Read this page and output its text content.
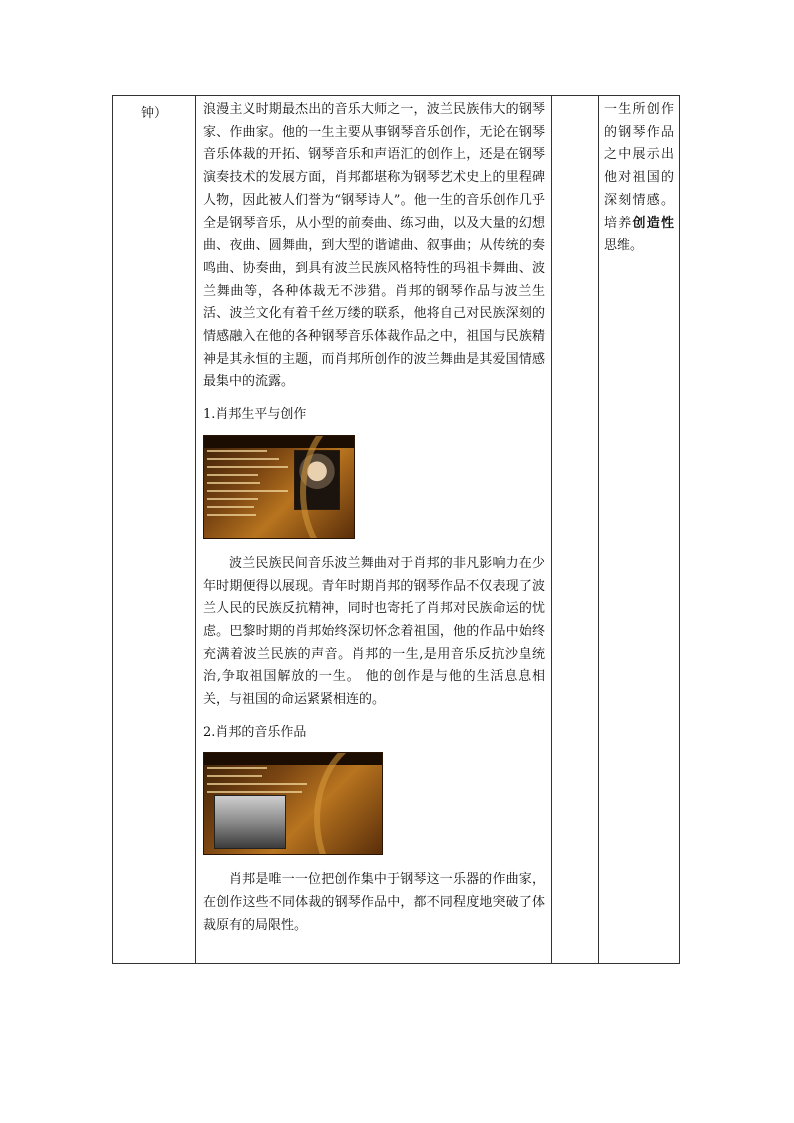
钟）	浪漫主义时期最杰出的音乐大师之一，波兰民族伟大的钢琴家、作曲家。他的一生主要从事钢琴音乐创作，无论在钢琴音乐体裁的开拓、钢琴音乐和声语汇的创作上，还是在钢琴演奏技术的发展方面，肖邦都堪称为钢琴艺术史上的里程碑人物，因此被人们誉为“钢琴诗人”。他一生的音乐创作几乎全是钢琴音乐，从小型的前奏曲、练习曲，以及大量的幻想曲、夜曲、圆舞曲，到大型的谐谑曲、叙事曲；从传统的奏鸣曲、协奏曲，到具有波兰民族风格特性的玛祖卡舞曲、波兰舞曲等，各种体裁无不涉猎。肖邦的钢琴作品与波兰生活、波兰文化有着千丝万缕的联系，他将自己对民族深刻的情感融入在他的各种钢琴音乐体裁作品之中，祖国与民族精神是其永恒的主题，而肖邦所创作的波兰舞曲是其爱国情感最集中的流露。

1.肖邦生平与创作

波兰民族民间音乐波兰舞曲对于肖邦的非凡影响力在少年时期便得以展现。青年时期肖邦的钢琴作品不仅表现了波兰人民的民族反抗精神，同时也寄托了肖邦对民族命运的忧虑。巴黎时期的肖邦始终深切怀念着祖国，他的作品中始终充满着波兰民族的声音。肖邦的一生,是用音乐反抗沙皇统治,争取祖国解放的一生。 他的创作是与他的生活息息相关，与祖国的命运紧紧相连的。

2.肖邦的音乐作品

肖邦是唯一一位把创作集中于钢琴这一乐器的作曲家，在创作这些不同体裁的钢琴作品中，都不同程度地突破了体裁原有的局限性。

一生所创作的钢琴作品之中展示出他对祖国的深刻情感。培养创造性思维。
